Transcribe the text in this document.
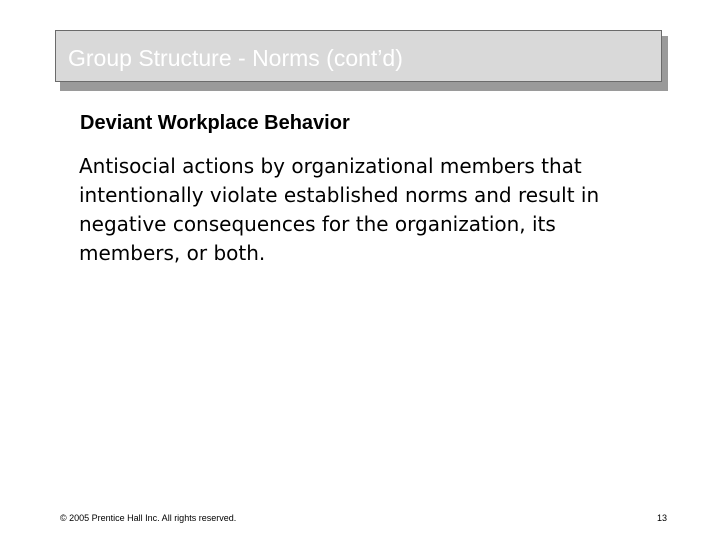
Group Structure - Norms (cont’d)
Deviant Workplace Behavior
Antisocial actions by organizational members that
intentionally violate established norms and result in
negative consequences for the organization, its
members, or both.
© 2005 Prentice Hall Inc. All rights reserved.	13
